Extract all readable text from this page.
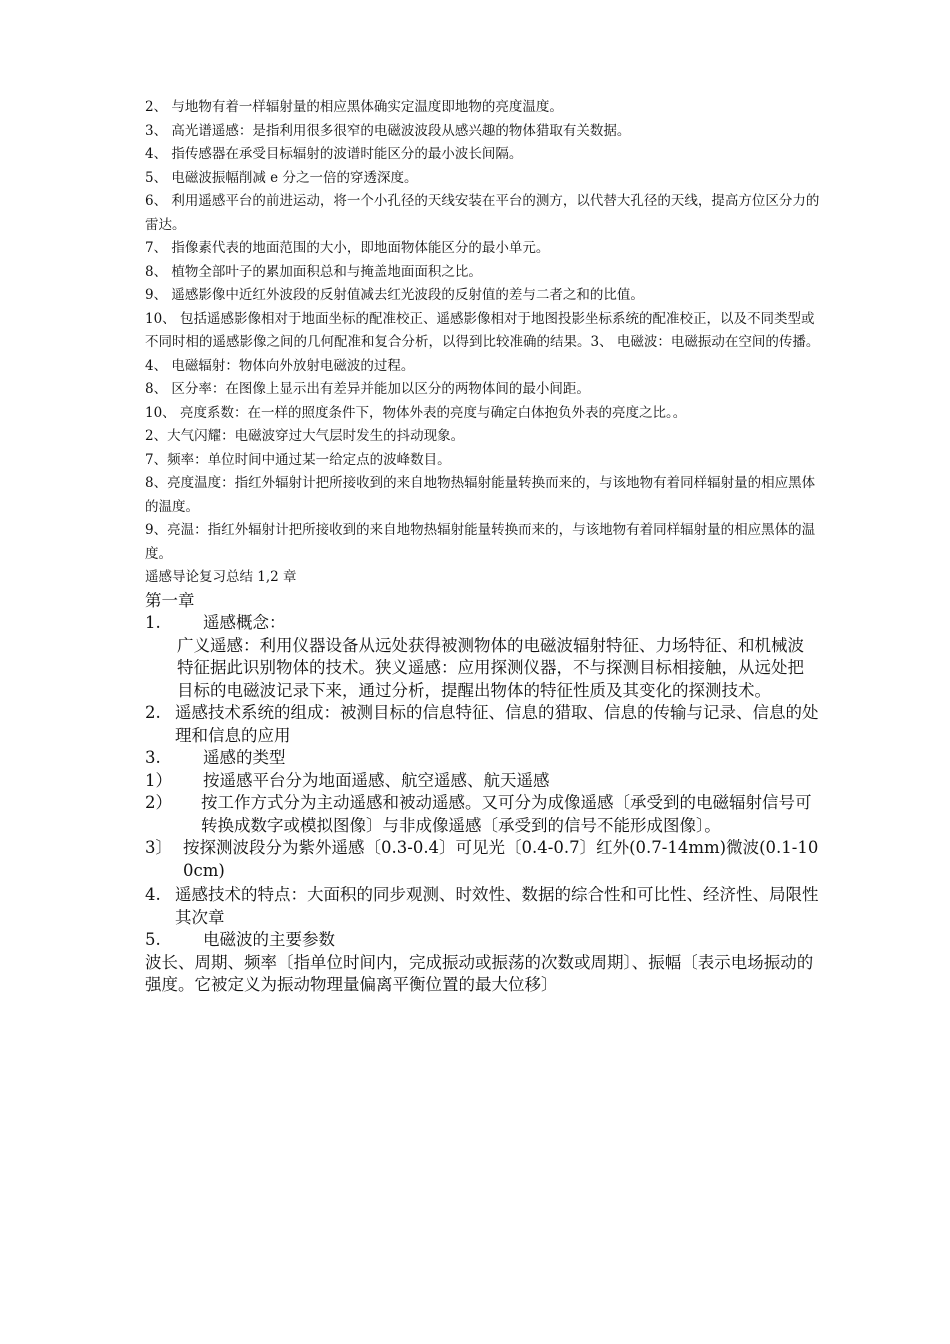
2、 与地物有着一样辐射量的相应黑体确实定温度即地物的亮度温度。

3、 高光谱遥感：是指利用很多很窄的电磁波波段从感兴趣的物体猎取有关数据。

4、 指传感器在承受目标辐射的波谱时能区分的最小波长间隔。

5、 电磁波振幅削减 e 分之一倍的穿透深度。

6、 利用遥感平台的前进运动，将一个小孔径的天线安装在平台的测方，以代替大孔径的天线，提高方位区分力的雷达。

7、 指像素代表的地面范围的大小，即地面物体能区分的最小单元。

8、 植物全部叶子的累加面积总和与掩盖地面面积之比。

9、 遥感影像中近红外波段的反射值减去红光波段的反射值的差与二者之和的比值。

10、 包括遥感影像相对于地面坐标的配准校正、遥感影像相对于地图投影坐标系统的配准校正，以及不同类型或不同时相的遥感影像之间的几何配准和复合分析，以得到比较准确的结果。3、 电磁波：电磁振动在空间的传播。

4、 电磁辐射：物体向外放射电磁波的过程。

8、 区分率：在图像上显示出有差异并能加以区分的两物体间的最小间距。

10、 亮度系数：在一样的照度条件下，物体外表的亮度与确定白体抱负外表的亮度之比。。

2、大气闪耀：电磁波穿过大气层时发生的抖动现象。

7、频率：单位时间中通过某一给定点的波峰数目。

8、亮度温度：指红外辐射计把所接收到的来自地物热辐射能量转换而来的，与该地物有着同样辐射量的相应黑体的温度。

9、亮温：指红外辐射计把所接收到的来自地物热辐射能量转换而来的，与该地物有着同样辐射量的相应黑体的温度。

遥感导论复习总结 1,2 章

第一章

1.	遥感概念：

广义遥感：利用仪器设备从远处获得被测物体的电磁波辐射特征、力场特征、和机械波特征据此识别物体的技术。狭义遥感：应用探测仪器，不与探测目标相接触，从远处把目标的电磁波记录下来，通过分析，提醒出物体的特征性质及其变化的探测技术。

2. 遥感技术系统的组成：被测目标的信息特征、信息的猎取、信息的传输与记录、信息的处理和信息的应用
3.	遥感的类型
1）	按遥感平台分为地面遥感、航空遥感、航天遥感
2）	按工作方式分为主动遥感和被动遥感。又可分为成像遥感〔承受到的电磁辐射信号可转换成数字或模拟图像〕与非成像遥感〔承受到的信号不能形成图像〕。
3〕 按探测波段分为紫外遥感〔0.3-0.4〕可见光〔0.4-0.7〕红外(0.7-14mm)微波(0.1-100cm)
4. 遥感技术的特点：大面积的同步观测、时效性、数据的综合性和可比性、经济性、局限性

其次章

5.	电磁波的主要参数

波长、周期、频率〔指单位时间内，完成振动或振荡的次数或周期〕、振幅〔表示电场振动的强度。它被定义为振动物理量偏离平衡位置的最大位移〕
